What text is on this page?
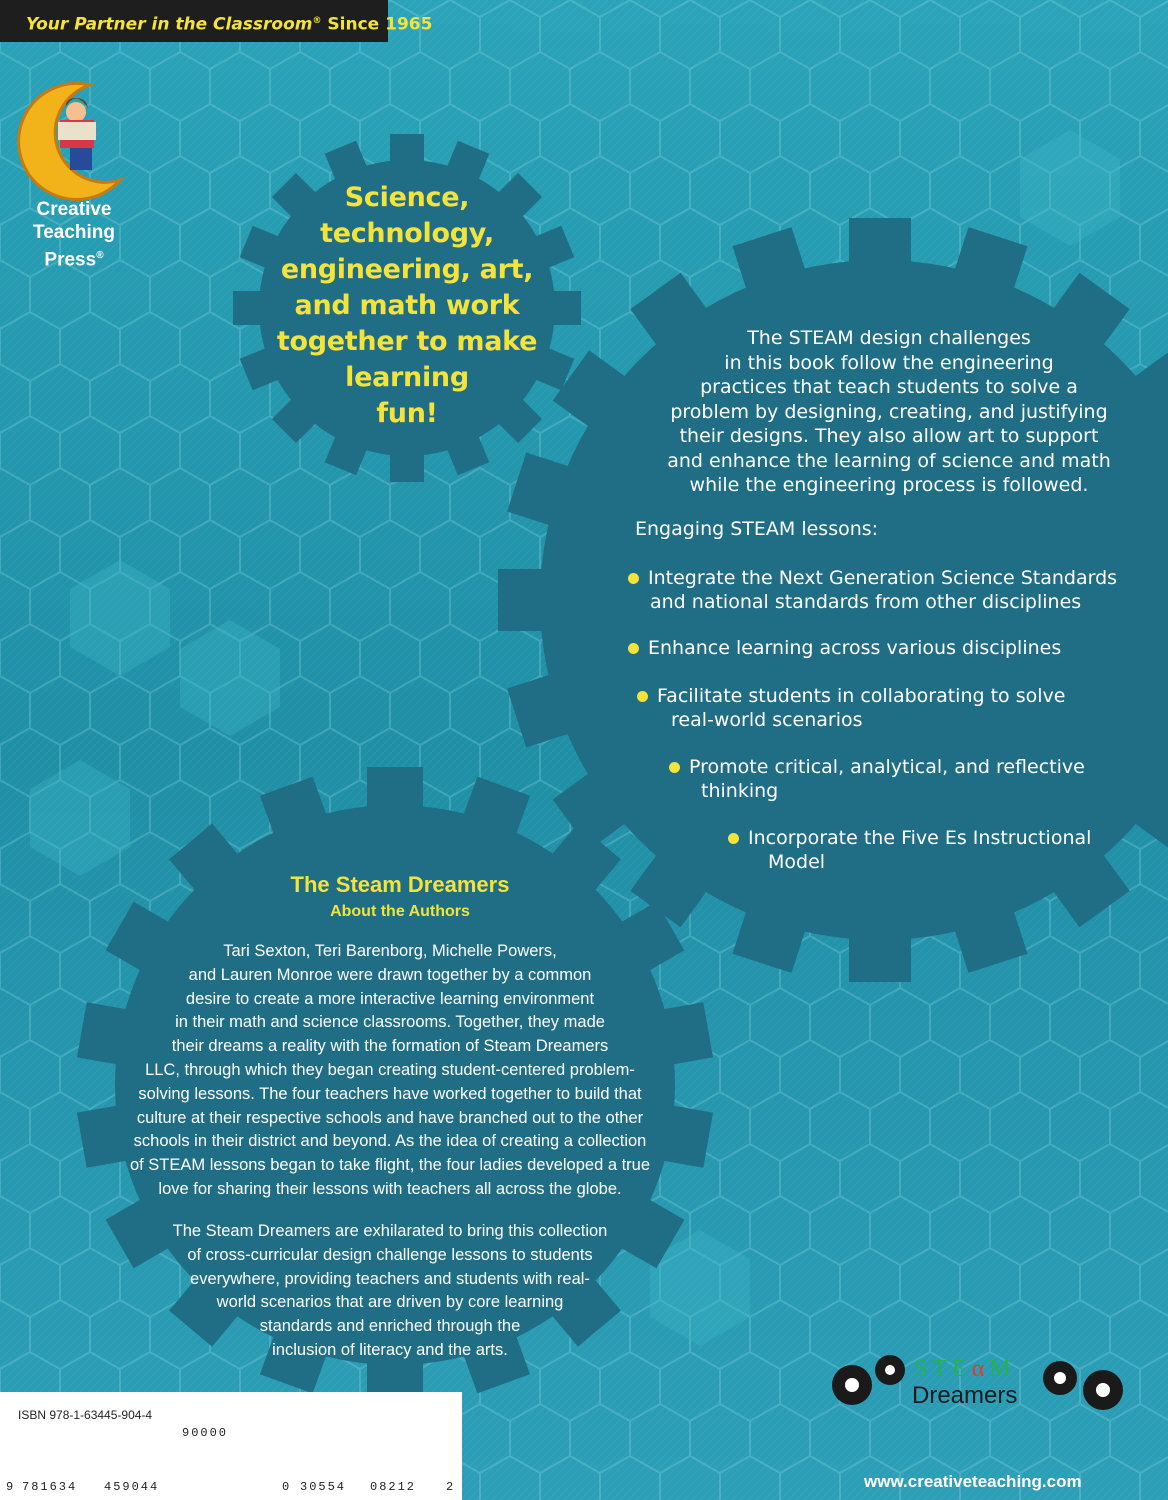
Your Partner in the Classroom® Since 1965
Creative
Teaching
Press®
Science,
technology,
engineering, art,
and math work
together to make
learning
fun!
The STEAM design challenges
in this book follow the engineering
practices that teach students to solve a
problem by designing, creating, and justifying
their designs. They also allow art to support
and enhance the learning of science and math
while the engineering process is followed.
Engaging STEAM lessons:
Integrate the Next Generation Science Standards
and national standards from other disciplines
Enhance learning across various disciplines
Facilitate students in collaborating to solve
real-world scenarios
Promote critical, analytical, and reflective
thinking
Incorporate the Five Es Instructional
Model
The Steam Dreamers
About the Authors
Tari Sexton, Teri Barenborg, Michelle Powers,
and Lauren Monroe were drawn together by a common
desire to create a more interactive learning environment
in their math and science classrooms. Together, they made
their dreams a reality with the formation of Steam Dreamers
LLC, through which they began creating student-centered problem-
solving lessons. The four teachers have worked together to build that
culture at their respective schools and have branched out to the other
schools in their district and beyond. As the idea of creating a collection
of STEAM lessons began to take flight, the four ladies developed a true
love for sharing their lessons with teachers all across the globe.
The Steam Dreamers are exhilarated to bring this collection
of cross-curricular design challenge lessons to students
everywhere, providing teachers and students with real-
world scenarios that are driven by core learning
standards and enriched through the
inclusion of literacy and the arts.
ISBN 978-1-63445-904-4
90000
9 781634 459044	0 30554 08212 2
STEαM
Dreamers
www.creativeteaching.com
